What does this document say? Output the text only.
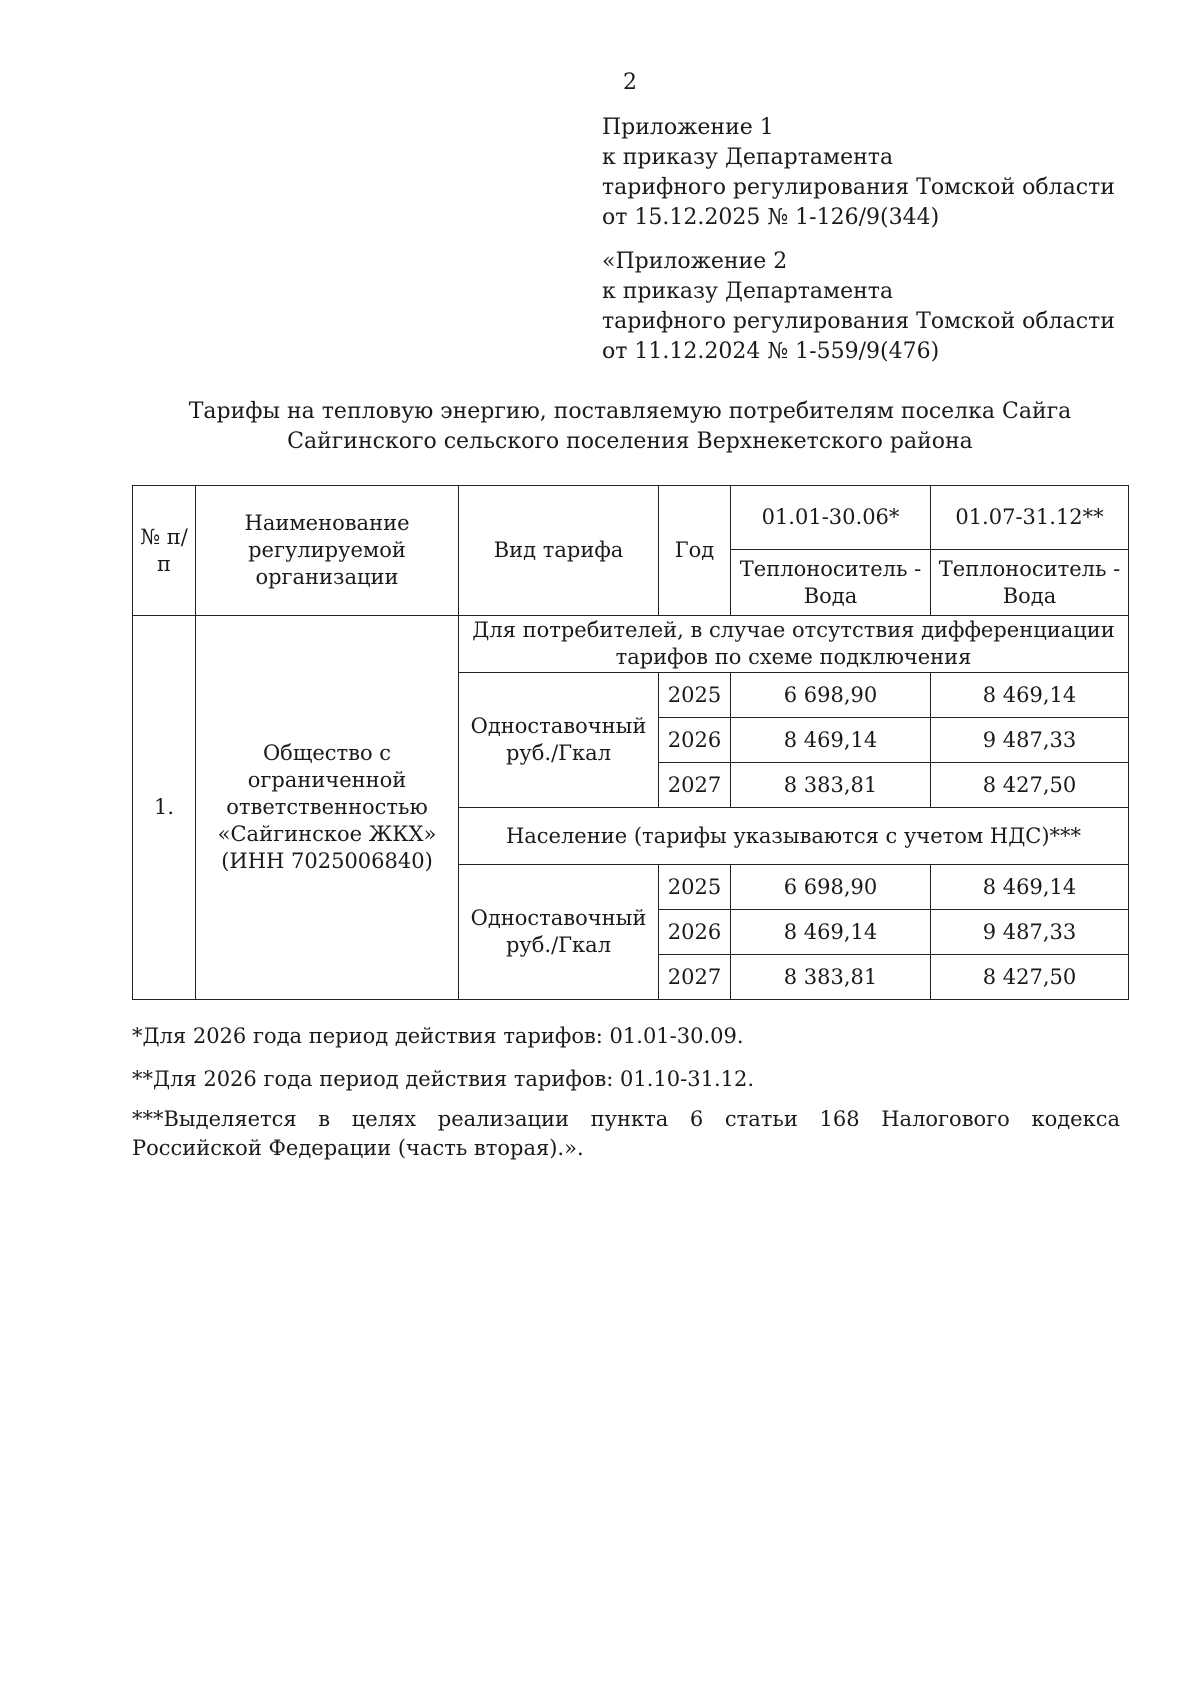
2
Приложение 1
к приказу Департамента
тарифного регулирования Томской области
от 15.12.2025 № 1-126/9(344)
«Приложение 2
к приказу Департамента
тарифного регулирования Томской области
от 11.12.2024 № 1-559/9(476)
Тарифы на тепловую энергию, поставляемую потребителям поселка Сайга
Сайгинского сельского поселения Верхнекетского района
№ п/п	Наименование регулируемой организации	Вид тарифа	Год	01.01-30.06*	01.07-31.12**
				Теплоноситель - Вода	Теплоноситель - Вода
1.	Общество с ограниченной ответственностью «Сайгинское ЖКХ» (ИНН 7025006840)	Для потребителей, в случае отсутствия дифференциации тарифов по схеме подключения			
		Одноставочный руб./Гкал	2025	6 698,90	8 469,14
			2026	8 469,14	9 487,33
			2027	8 383,81	8 427,50
		Население (тарифы указываются с учетом НДС)***			
		Одноставочный руб./Гкал	2025	6 698,90	8 469,14
			2026	8 469,14	9 487,33
			2027	8 383,81	8 427,50
*Для 2026 года период действия тарифов: 01.01-30.09.
**Для 2026 года период действия тарифов: 01.10-31.12.
***Выделяется в целях реализации пункта 6 статьи 168 Налогового кодекса Российской Федерации (часть вторая).».
